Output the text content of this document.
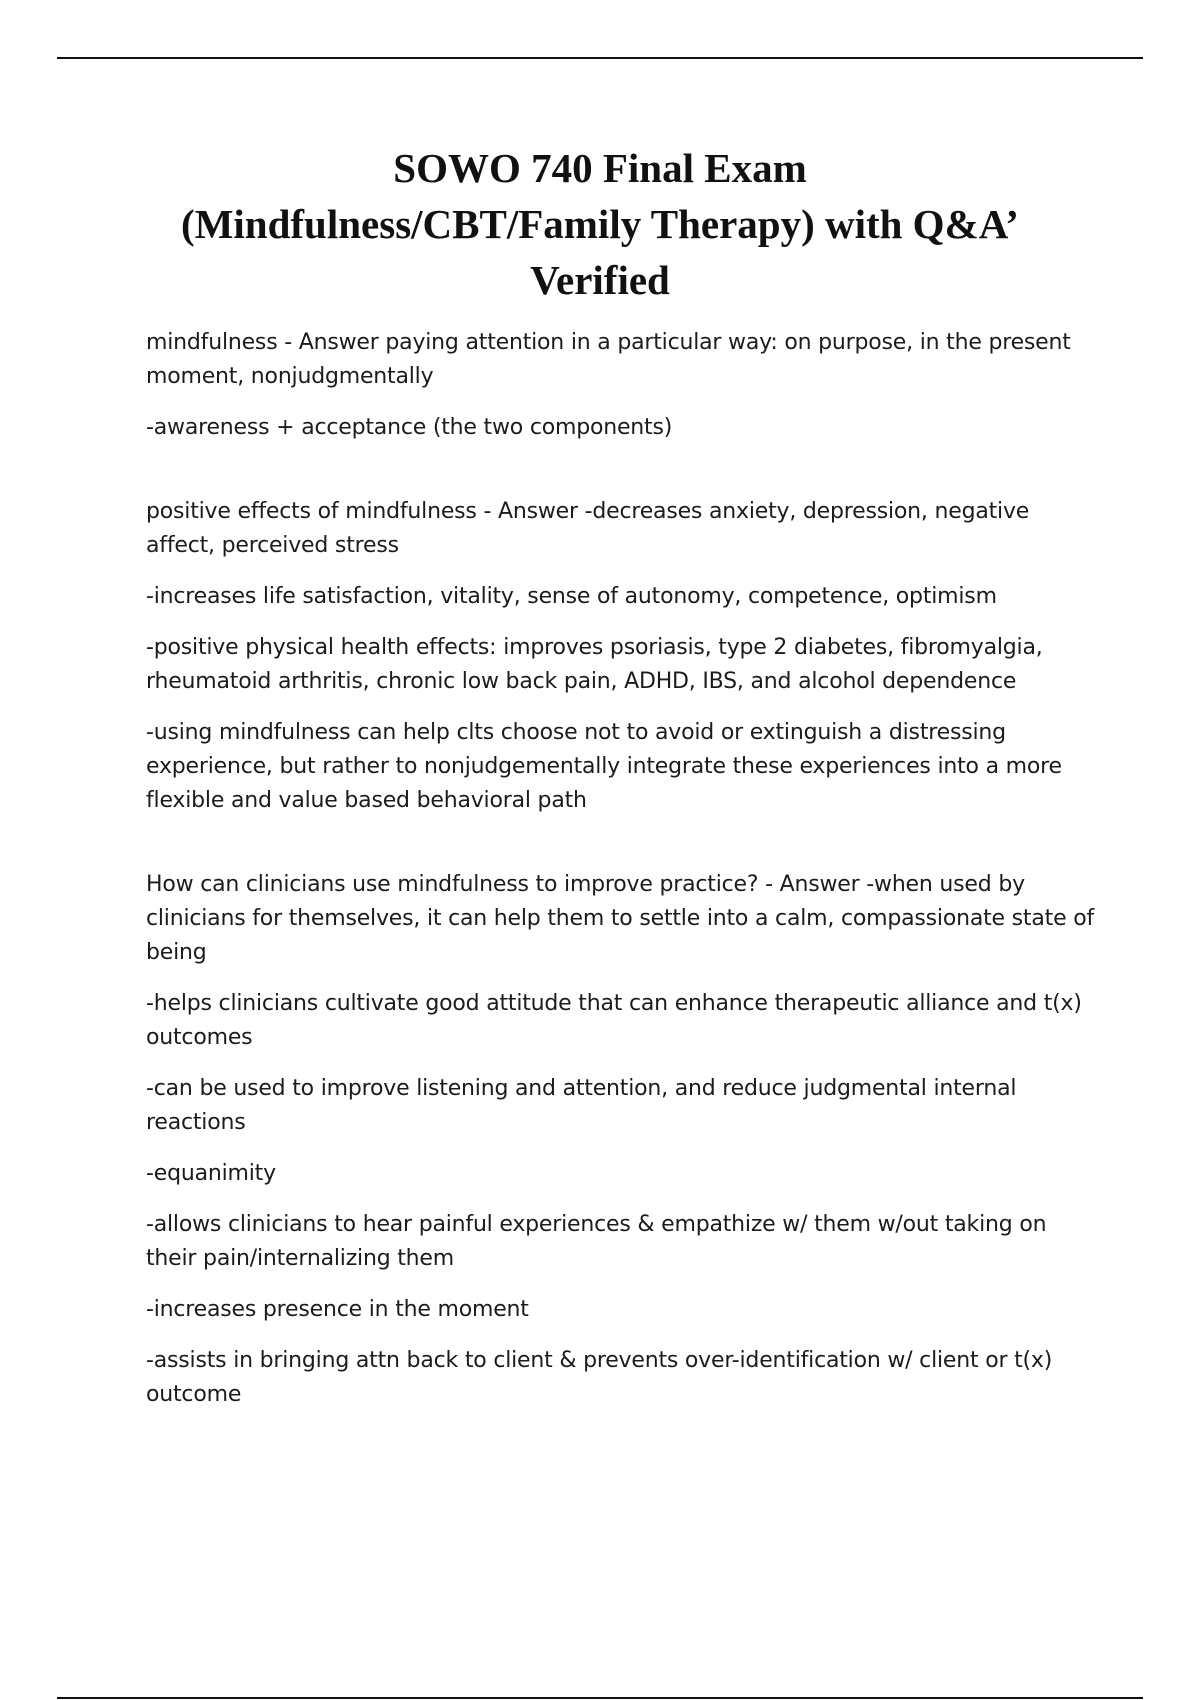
SOWO 740 Final Exam
(Mindfulness/CBT/Family Therapy) with Q&A’
Verified

mindfulness - Answer paying attention in a particular way: on purpose, in the present moment, nonjudgmentally

-awareness + acceptance (the two components)

positive effects of mindfulness - Answer -decreases anxiety, depression, negative affect, perceived stress

-increases life satisfaction, vitality, sense of autonomy, competence, optimism

-positive physical health effects: improves psoriasis, type 2 diabetes, fibromyalgia, rheumatoid arthritis, chronic low back pain, ADHD, IBS, and alcohol dependence

-using mindfulness can help clts choose not to avoid or extinguish a distressing experience, but rather to nonjudgementally integrate these experiences into a more flexible and value based behavioral path

How can clinicians use mindfulness to improve practice? - Answer -when used by clinicians for themselves, it can help them to settle into a calm, compassionate state of being

-helps clinicians cultivate good attitude that can enhance therapeutic alliance and t(x) outcomes

-can be used to improve listening and attention, and reduce judgmental internal reactions

-equanimity

-allows clinicians to hear painful experiences & empathize w/ them w/out taking on their pain/internalizing them

-increases presence in the moment

-assists in bringing attn back to client & prevents over-identification w/ client or t(x) outcome
